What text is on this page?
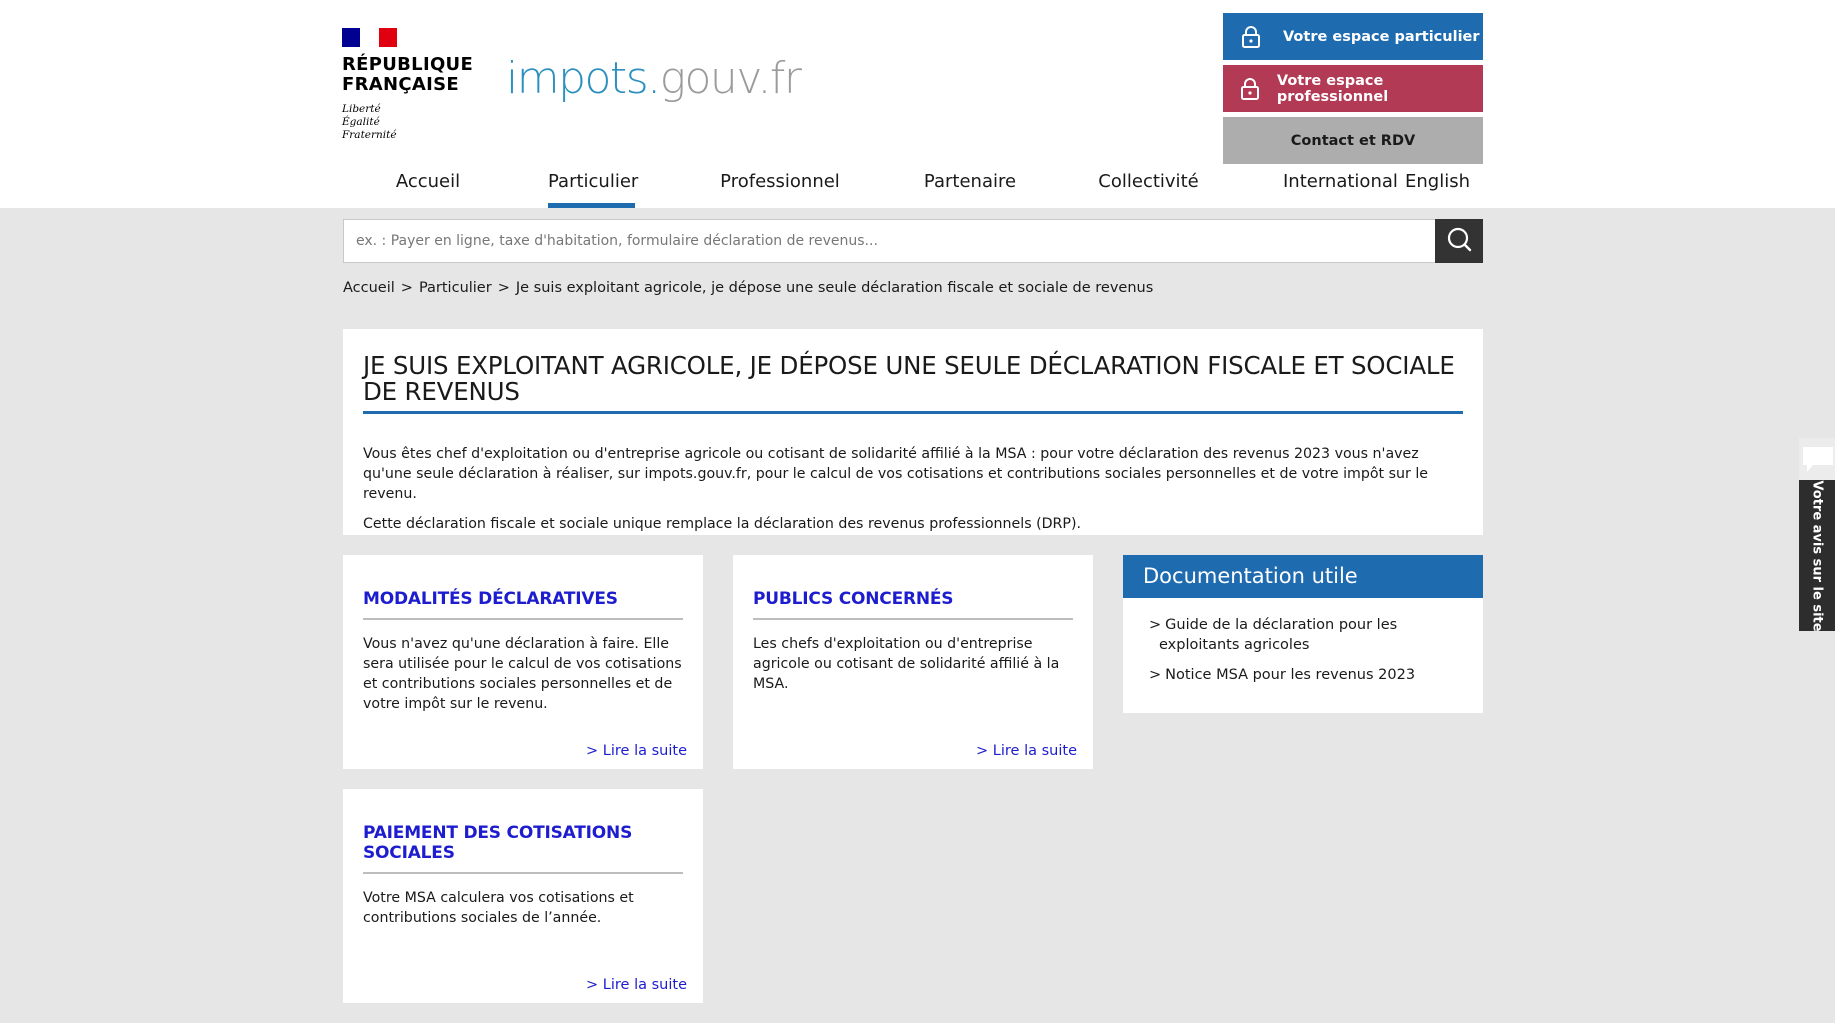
RÉPUBLIQUE
FRANÇAISE
Liberté
Égalité
Fraternité
impots.gouv.fr
Votre espace particulier
Votre espace professionnel
Contact et RDV
Accueil	Particulier	Professionnel	Partenaire	Collectivité	International English
ex. : Payer en ligne, taxe d'habitation, formulaire déclaration de revenus...
Accueil > Particulier > Je suis exploitant agricole, je dépose une seule déclaration fiscale et sociale de revenus
JE SUIS EXPLOITANT AGRICOLE, JE DÉPOSE UNE SEULE DÉCLARATION FISCALE ET SOCIALE DE REVENUS

Vous êtes chef d'exploitation ou d'entreprise agricole ou cotisant de solidarité affilié à la MSA : pour votre déclaration des revenus 2023 vous n'avez qu'une seule déclaration à réaliser, sur impots.gouv.fr, pour le calcul de vos cotisations et contributions sociales personnelles et de votre impôt sur le revenu.

Cette déclaration fiscale et sociale unique remplace la déclaration des revenus professionnels (DRP).

MODALITÉS DÉCLARATIVES

Vous n'avez qu'une déclaration à faire. Elle sera utilisée pour le calcul de vos cotisations et contributions sociales personnelles et de votre impôt sur le revenu.

> Lire la suite
PUBLICS CONCERNÉS

Les chefs d'exploitation ou d'entreprise agricole ou cotisant de solidarité affilié à la MSA.

> Lire la suite
PAIEMENT DES COTISATIONS SOCIALES

Votre MSA calculera vos cotisations et contributions sociales de l’année.

> Lire la suite
Documentation utile
> Guide de la déclaration pour les exploitants agricoles
> Notice MSA pour les revenus 2023
Votre avis sur le site
